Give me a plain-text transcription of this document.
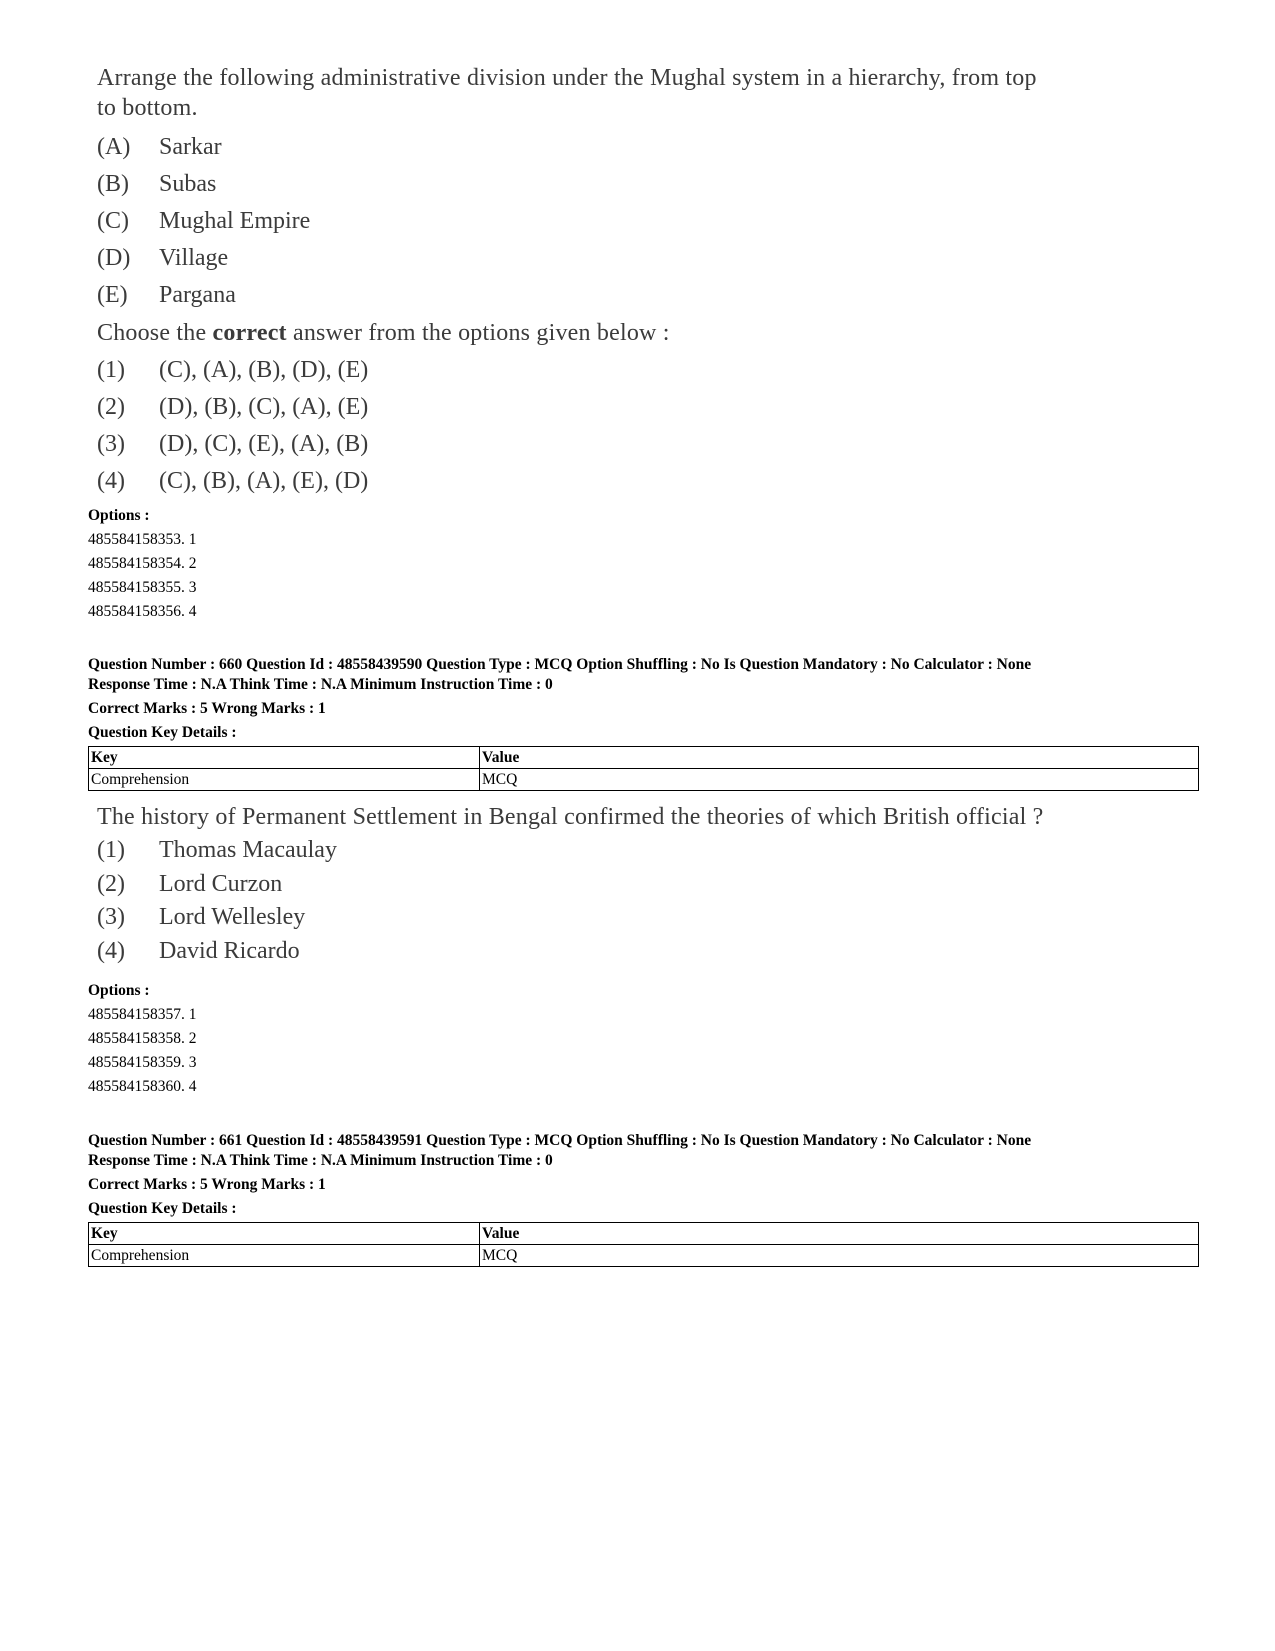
Arrange the following administrative division under the Mughal system in a hierarchy, from top
to bottom.
(A)	Sarkar
(B)	Subas
(C)	Mughal Empire
(D)	Village
(E)	Pargana
Choose the correct answer from the options given below :
(1)	(C), (A), (B), (D), (E)
(2)	(D), (B), (C), (A), (E)
(3)	(D), (C), (E), (A), (B)
(4)	(C), (B), (A), (E), (D)
Options :
485584158353. 1
485584158354. 2
485584158355. 3
485584158356. 4
Question Number : 660 Question Id : 48558439590 Question Type : MCQ Option Shuffling : No Is Question Mandatory : No Calculator : None
Response Time : N.A Think Time : N.A Minimum Instruction Time : 0
Correct Marks : 5 Wrong Marks : 1
Question Key Details :
Key	Value
Comprehension	MCQ
The history of Permanent Settlement in Bengal confirmed the theories of which British official ?
(1)	Thomas Macaulay
(2)	Lord Curzon
(3)	Lord Wellesley
(4)	David Ricardo
Options :
485584158357. 1
485584158358. 2
485584158359. 3
485584158360. 4
Question Number : 661 Question Id : 48558439591 Question Type : MCQ Option Shuffling : No Is Question Mandatory : No Calculator : None
Response Time : N.A Think Time : N.A Minimum Instruction Time : 0
Correct Marks : 5 Wrong Marks : 1
Question Key Details :
Key	Value
Comprehension	MCQ
